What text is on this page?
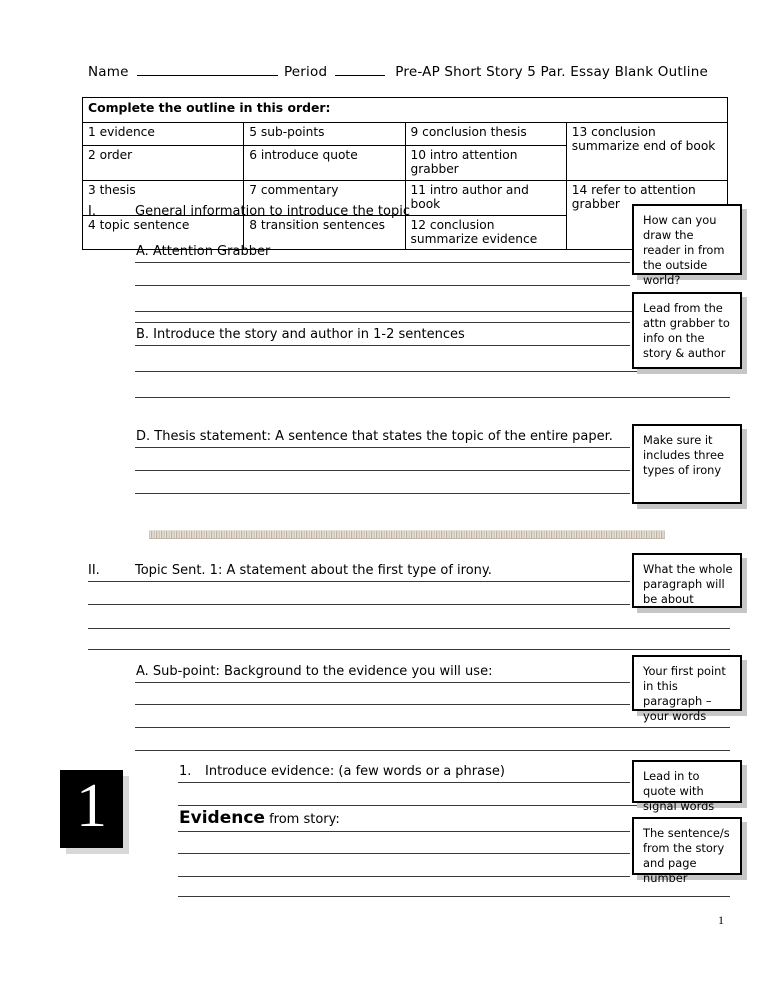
Name	Period	Pre-AP Short Story 5 Par. Essay Blank Outline
Complete the outline in this order:			
1 evidence	5 sub-points	9 conclusion thesis	13 conclusion summarize end of book
2 order	6 introduce quote	10 intro attention grabber	
3 thesis	7 commentary	11 intro author and book	14 refer to attention grabber
4 topic sentence	8 transition sentences	12 conclusion summarize evidence	
I.	General information to introduce the topic
A. Attention Grabber
B. Introduce the story and author in 1-2 sentences
D. Thesis statement: A sentence that states the topic of the entire paper.
II.	Topic Sent. 1: A statement about the first type of irony.
A. Sub-point: Background to the evidence you will use:
1. Introduce evidence: (a few words or a phrase)
Evidence from story:
1
How can you draw the reader in from the outside world?
Lead from the attn grabber to info on the story & author
Make sure it includes three types of irony
What the whole paragraph will be about
Your first point in this paragraph – your words
Lead in to quote with signal words
The sentence/s from the story and page number
1
